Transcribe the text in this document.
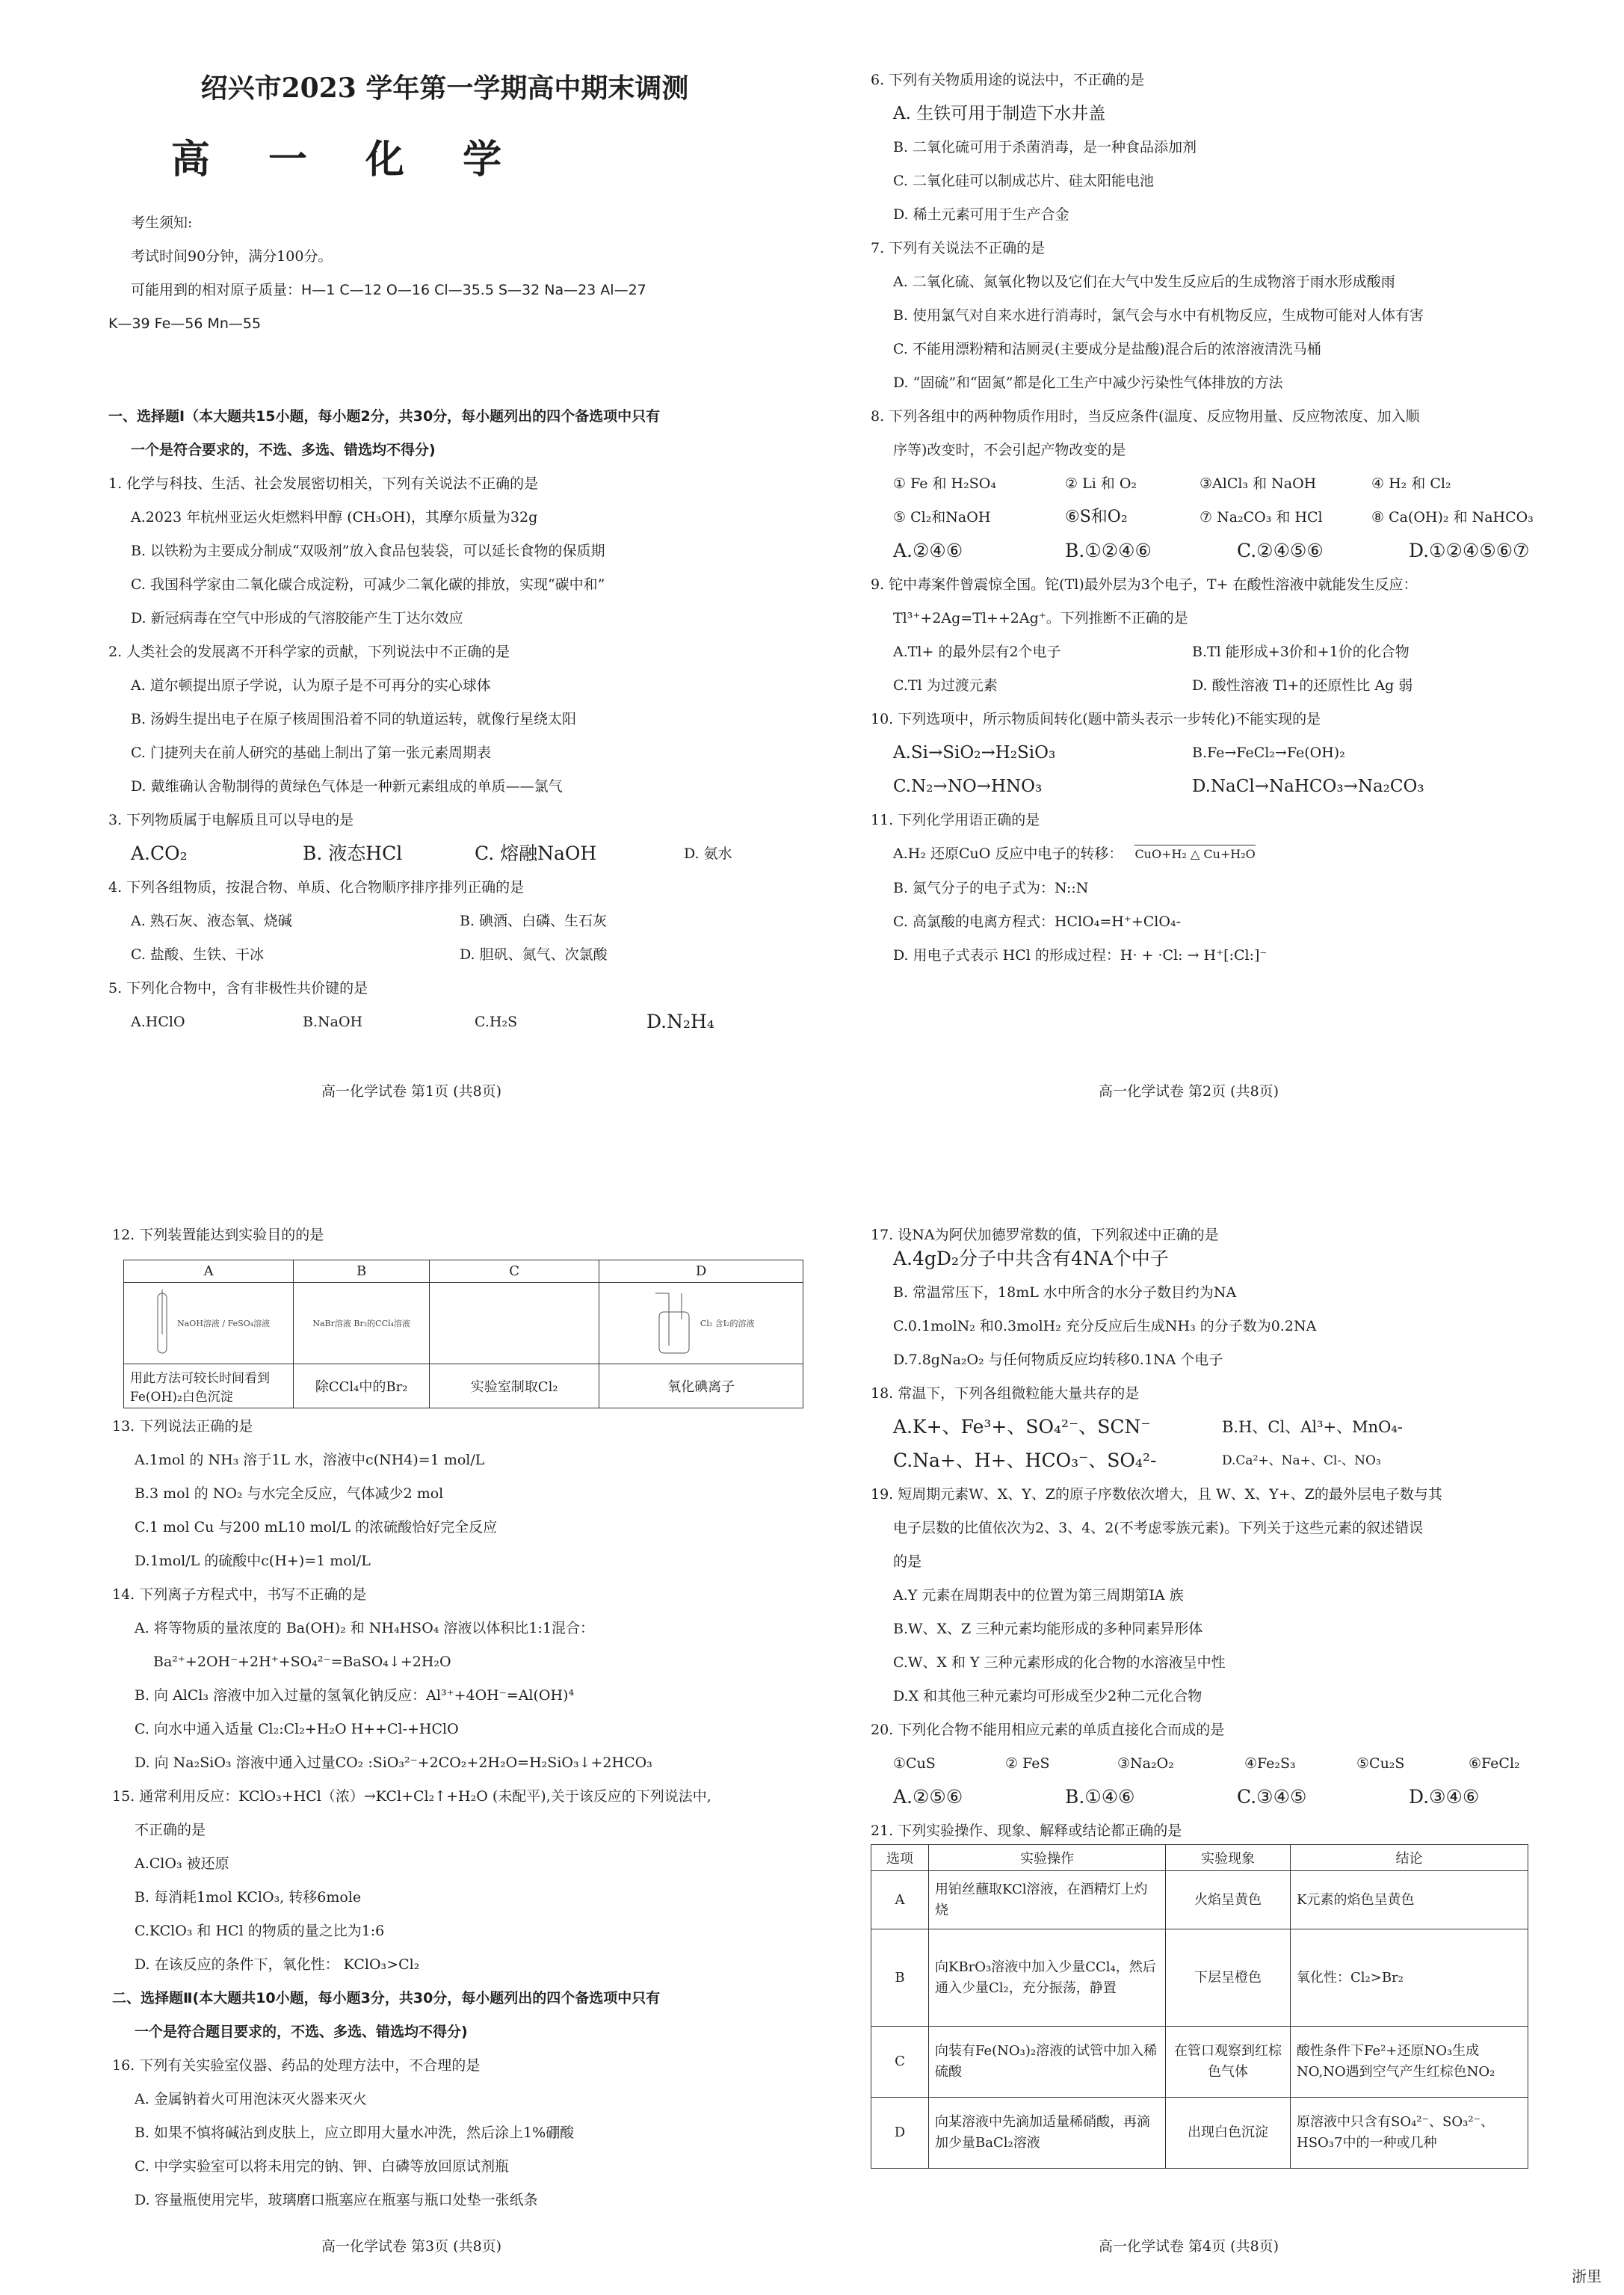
绍兴市2023 学年第一学期高中期末调测
高 一 化 学
考生须知:
考试时间90分钟，满分100分。
可能用到的相对原子质量：H—1 C—12 O—16 Cl—35.5 S—32 Na—23 Al—27
K—39 Fe—56 Mn—55
一、选择题Ⅰ（本大题共15小题，每小题2分，共30分，每小题列出的四个备选项中只有
一个是符合要求的，不选、多选、错选均不得分)
1. 化学与科技、生活、社会发展密切相关，下列有关说法不正确的是
A.2023 年杭州亚运火炬燃料甲醇 (CH₃OH)，其摩尔质量为32g
B. 以铁粉为主要成分制成“双吸剂”放入食品包装袋，可以延长食物的保质期
C. 我国科学家由二氧化碳合成淀粉，可减少二氧化碳的排放，实现“碳中和”
D. 新冠病毒在空气中形成的气溶胶能产生丁达尔效应
2. 人类社会的发展离不开科学家的贡献，下列说法中不正确的是
A. 道尔顿提出原子学说，认为原子是不可再分的实心球体
B. 汤姆生提出电子在原子核周围沿着不同的轨道运转，就像行星绕太阳
C. 门捷列夫在前人研究的基础上制出了第一张元素周期表
D. 戴维确认舍勒制得的黄绿色气体是一种新元素组成的单质——氯气
3. 下列物质属于电解质且可以导电的是
A.CO₂	B. 液态HCl	C. 熔融NaOH	D. 氨水
4. 下列各组物质，按混合物、单质、化合物顺序排序排列正确的是
A. 熟石灰、液态氧、烧碱	B. 碘酒、白磷、生石灰
C. 盐酸、生铁、干冰	D. 胆矾、氮气、次氯酸
5. 下列化合物中，含有非极性共价键的是
A.HClO	B.NaOH	C.H₂S	D.N₂H₄
高一化学试卷 第1页 (共8页)
6. 下列有关物质用途的说法中，不正确的是
A. 生铁可用于制造下水井盖
B. 二氧化硫可用于杀菌消毒，是一种食品添加剂
C. 二氧化硅可以制成芯片、硅太阳能电池
D. 稀土元素可用于生产合金
7. 下列有关说法不正确的是
A. 二氧化硫、氮氧化物以及它们在大气中发生反应后的生成物溶于雨水形成酸雨
B. 使用氯气对自来水进行消毒时，氯气会与水中有机物反应，生成物可能对人体有害
C. 不能用漂粉精和洁厕灵(主要成分是盐酸)混合后的浓溶液清洗马桶
D. “固硫”和“固氮”都是化工生产中减少污染性气体排放的方法
8. 下列各组中的两种物质作用时，当反应条件(温度、反应物用量、反应物浓度、加入顺
序等)改变时，不会引起产物改变的是
① Fe 和 H₂SO₄	② Li 和 O₂	③AlCl₃ 和 NaOH	④ H₂ 和 Cl₂
⑤ Cl₂和NaOH	⑥S和O₂	⑦ Na₂CO₃ 和 HCl	⑧ Ca(OH)₂ 和 NaHCO₃
A.②④⑥	B.①②④⑥	C.②④⑤⑥	D.①②④⑤⑥⑦
9. 铊中毒案件曾震惊全国。铊(Tl)最外层为3个电子，T+ 在酸性溶液中就能发生反应：
Tl³⁺+2Ag=Tl++2Ag⁺。下列推断不正确的是
A.Tl+ 的最外层有2个电子	B.Tl 能形成+3价和+1价的化合物
C.Tl 为过渡元素	D. 酸性溶液 Tl+的还原性比 Ag 弱
10. 下列选项中，所示物质间转化(题中箭头表示一步转化)不能实现的是
A.Si→SiO₂→H₂SiO₃	B.Fe→FeCl₂→Fe(OH)₂
C.N₂→NO→HNO₃	D.NaCl→NaHCO₃→Na₂CO₃
11. 下列化学用语正确的是
A.H₂ 还原CuO 反应中电子的转移： CuO+H₂ △ Cu+H₂O
B. 氮气分子的电子式为：N::N
C. 高氯酸的电离方程式：HClO₄=H⁺+ClO₄-
D. 用电子式表示 HCl 的形成过程：H· + ·Cl: → H⁺[:Cl:]⁻
高一化学试卷 第2页 (共8页)
12. 下列装置能达到实验目的的是
A	B	C	D

NaOH溶液 / FeSO₄溶液	NaBr溶液 Br₂的CCl₄溶液		Cl₂ 含I₂的溶液

用此方法可较长时间看到Fe(OH)₂白色沉淀	除CCl₄中的Br₂	实验室制取Cl₂	氧化碘离子
13. 下列说法正确的是
A.1mol 的 NH₃ 溶于1L 水，溶液中c(NH4)=1 mol/L
B.3 mol 的 NO₂ 与水完全反应，气体减少2 mol
C.1 mol Cu 与200 mL10 mol/L 的浓硫酸恰好完全反应
D.1mol/L 的硫酸中c(H+)=1 mol/L
14. 下列离子方程式中，书写不正确的是
A. 将等物质的量浓度的 Ba(OH)₂ 和 NH₄HSO₄ 溶液以体积比1:1混合：
Ba²⁺+2OH⁻+2H⁺+SO₄²⁻=BaSO₄↓+2H₂O
B. 向 AlCl₃ 溶液中加入过量的氢氧化钠反应：Al³⁺+4OH⁻=Al(OH)⁴
C. 向水中通入适量 Cl₂:Cl₂+H₂O H++Cl-+HClO
D. 向 Na₂SiO₃ 溶液中通入过量CO₂ :SiO₃²⁻+2CO₂+2H₂O=H₂SiO₃↓+2HCO₃
15. 通常利用反应：KClO₃+HCl（浓）→KCl+Cl₂↑+H₂O (未配平),关于该反应的下列说法中,
不正确的是
A.ClO₃ 被还原
B. 每消耗1mol KClO₃, 转移6mole
C.KClO₃ 和 HCl 的物质的量之比为1:6
D. 在该反应的条件下，氧化性： KClO₃>Cl₂
二、选择题Ⅱ(本大题共10小题，每小题3分，共30分，每小题列出的四个备选项中只有
一个是符合题目要求的，不选、多选、错选均不得分)
16. 下列有关实验室仪器、药品的处理方法中，不合理的是
A. 金属钠着火可用泡沫灭火器来灭火
B. 如果不慎将碱沾到皮肤上，应立即用大量水冲洗，然后涂上1%硼酸
C. 中学实验室可以将未用完的钠、钾、白磷等放回原试剂瓶
D. 容量瓶使用完毕，玻璃磨口瓶塞应在瓶塞与瓶口处垫一张纸条
高一化学试卷 第3页 (共8页)
17. 设NA为阿伏加德罗常数的值，下列叙述中正确的是
A.4gD₂分子中共含有4NA个中子
B. 常温常压下，18mL 水中所含的水分子数目约为NA
C.0.1molN₂ 和0.3molH₂ 充分反应后生成NH₃ 的分子数为0.2NA
D.7.8gNa₂O₂ 与任何物质反应均转移0.1NA 个电子
18. 常温下，下列各组微粒能大量共存的是
A.K+、Fe³+、SO₄²⁻、SCN⁻	B.H、Cl、Al³+、MnO₄-
C.Na+、H+、HCO₃⁻、SO₄²-	D.Ca²+、Na+、Cl-、NO₃
19. 短周期元素W、X、Y、Z的原子序数依次增大，且 W、X、Y+、Z的最外层电子数与其
电子层数的比值依次为2、3、4、2(不考虑零族元素)。下列关于这些元素的叙述错误
的是
A.Y 元素在周期表中的位置为第三周期第IA 族
B.W、X、Z 三种元素均能形成的多种同素异形体
C.W、X 和 Y 三种元素形成的化合物的水溶液呈中性
D.X 和其他三种元素均可形成至少2种二元化合物
20. 下列化合物不能用相应元素的单质直接化合而成的是
①CuS	② FeS	③Na₂O₂	④Fe₂S₃	⑤Cu₂S	⑥FeCl₂
A.②⑤⑥	B.①④⑥	C.③④⑤	D.③④⑥
21. 下列实验操作、现象、解释或结论都正确的是
选项	实验操作	实验现象	结论
A	用铂丝蘸取KCl溶液，在酒精灯上灼烧	火焰呈黄色	K元素的焰色呈黄色
B	向KBrO₃溶液中加入少量CCl₄，然后通入少量Cl₂，充分振荡，静置	下层呈橙色	氧化性：Cl₂>Br₂
C	向装有Fe(NO₃)₂溶液的试管中加入稀硫酸	在管口观察到红棕色气体	酸性条件下Fe²+还原NO₃生成NO,NO遇到空气产生红棕色NO₂
D	向某溶液中先滴加适量稀硝酸，再滴加少量BaCl₂溶液	出现白色沉淀	原溶液中只含有SO₄²⁻、SO₃²⁻、HSO₃7中的一种或几种
高一化学试卷 第4页 (共8页)
浙里
